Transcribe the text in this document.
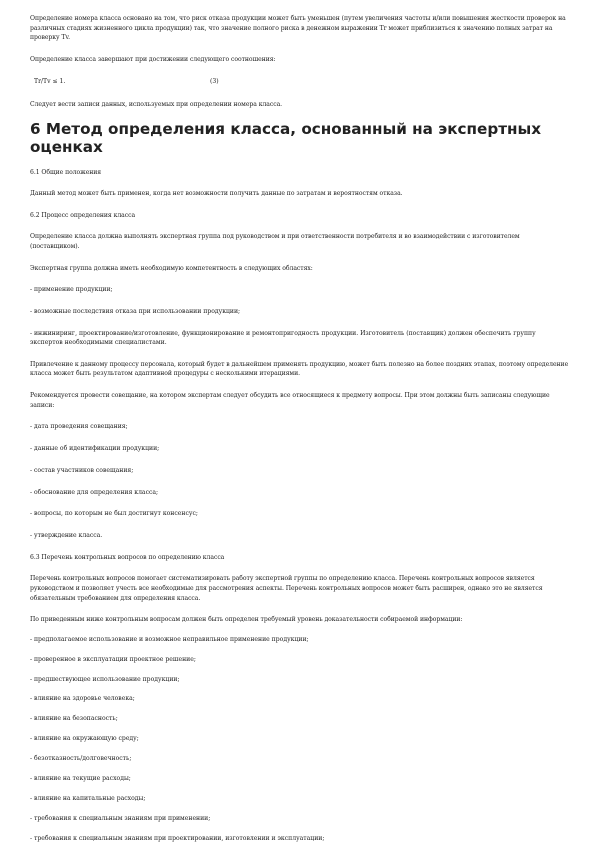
Определение номера класса основано на том, что риск отказа продукции может быть уменьшен (путем увеличения частоты и/или повышения жесткости проверок на различных стадиях жизненного цикла продукции) так, что значение полного риска в денежном выражении Tr может приблизиться к значению полных затрат на проверку Tv.

Определение класса завершают при достижении следующего соотношения:

Tr/Tv ≤ 1.	(3)

Следует вести записи данных, используемых при определении номера класса.

6 Метод определения класса, основанный на экспертных оценках

6.1 Общие положения

Данный метод может быть применен, когда нет возможности получить данные по затратам и вероятностям отказа.

6.2 Процесс определения класса

Определение класса должна выполнять экспертная группа под руководством и при ответственности потребителя и во взаимодействии с изготовителем (поставщиком).

Экспертная группа должна иметь необходимую компетентность в следующих областях:

- применение продукции;
- возможные последствия отказа при использовании продукции;
- инжиниринг, проектирование/изготовление, функционирование и ремонтопригодность продукции. Изготовитель (поставщик) должен обеспечить группу экспертов необходимыми специалистами.

Привлечение к данному процессу персонала, который будет в дальнейшем применять продукцию, может быть полезно на более поздних этапах, поэтому определение класса может быть результатом адаптивной процедуры с несколькими итерациями.

Рекомендуется провести совещание, на котором экспертам следует обсудить все относящиеся к предмету вопросы. При этом должны быть записаны следующие записи:

- дата проведения совещания;
- данные об идентификации продукции;
- состав участников совещания;
- обоснование для определения класса;
- вопросы, по которым не был достигнут консенсус;
- утверждение класса.

6.3 Перечень контрольных вопросов по определению класса

Перечень контрольных вопросов помогает систематизировать работу экспертной группы по определению класса. Перечень контрольных вопросов является руководством и позволяет учесть все необходимые для рассмотрения аспекты. Перечень контрольных вопросов может быть расширен, однако это не является обязательным требованием для определения класса.

По приведенным ниже контрольным вопросам должен быть определен требуемый уровень доказательности собираемой информации:

- предполагаемое использование и возможное неправильное применение продукции;
- проверенное в эксплуатации проектное решение;
- предшествующее использование продукции;
- влияние на здоровье человека;
- влияние на безопасность;
- влияние на окружающую среду;
- безотказность/долговечность;
- влияние на текущие расходы;
- влияние на капитальные расходы;
- требования к специальным знаниям при применении;
- требования к специальным знаниям при проектировании, изготовлении и эксплуатации;
